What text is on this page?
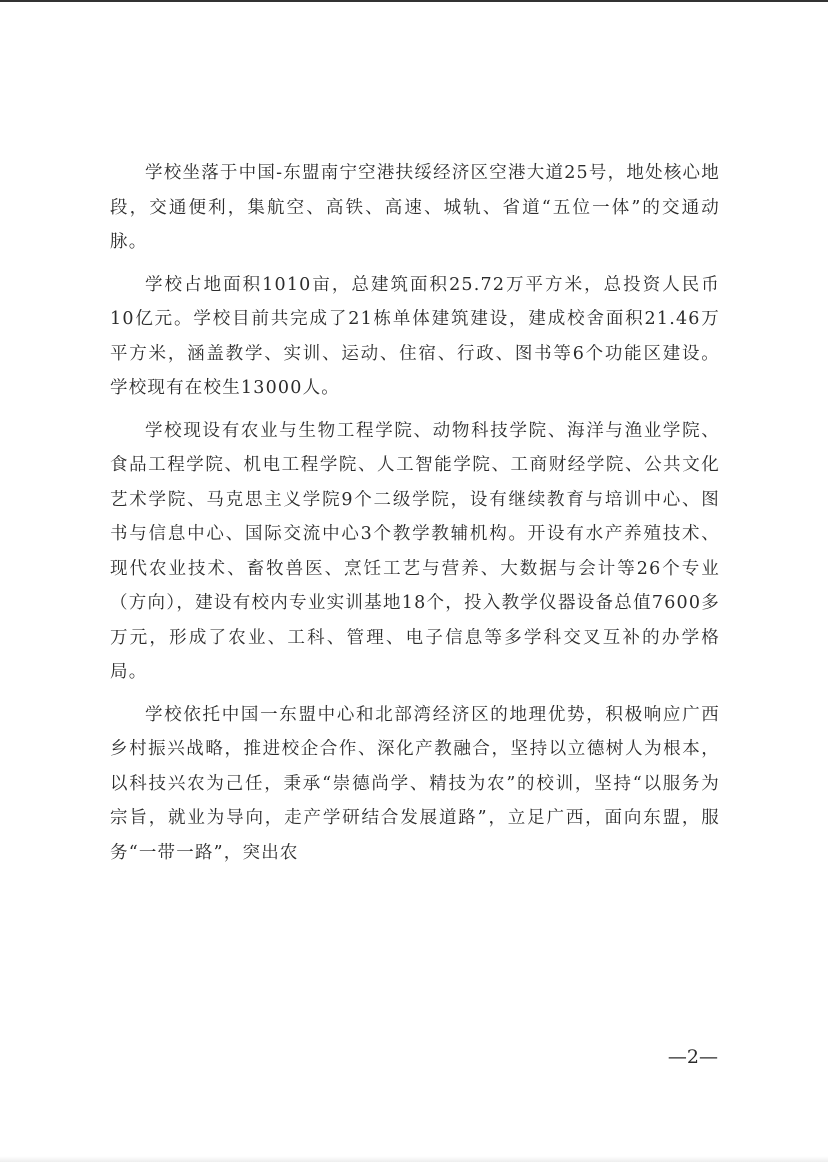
学校坐落于中国-东盟南宁空港扶绥经济区空港大道25号，地处核心地段，交通便利，集航空、高铁、高速、城轨、省道“五位一体”的交通动脉。

学校占地面积1010亩，总建筑面积25.72万平方米，总投资人民币10亿元。学校目前共完成了21栋单体建筑建设，建成校舍面积21.46万平方米，涵盖教学、实训、运动、住宿、行政、图书等6个功能区建设。学校现有在校生13000人。

学校现设有农业与生物工程学院、动物科技学院、海洋与渔业学院、食品工程学院、机电工程学院、人工智能学院、工商财经学院、公共文化艺术学院、马克思主义学院9个二级学院，设有继续教育与培训中心、图书与信息中心、国际交流中心3个教学教辅机构。开设有水产养殖技术、现代农业技术、畜牧兽医、烹饪工艺与营养、大数据与会计等26个专业（方向），建设有校内专业实训基地18个，投入教学仪器设备总值7600多万元，形成了农业、工科、管理、电子信息等多学科交叉互补的办学格局。

学校依托中国一东盟中心和北部湾经济区的地理优势，积极响应广西乡村振兴战略，推进校企合作、深化产教融合，坚持以立德树人为根本，以科技兴农为己任，秉承“崇德尚学、精技为农”的校训，坚持“以服务为宗旨，就业为导向，走产学研结合发展道路”，立足广西，面向东盟，服务“一带一路”，突出农

—2—
